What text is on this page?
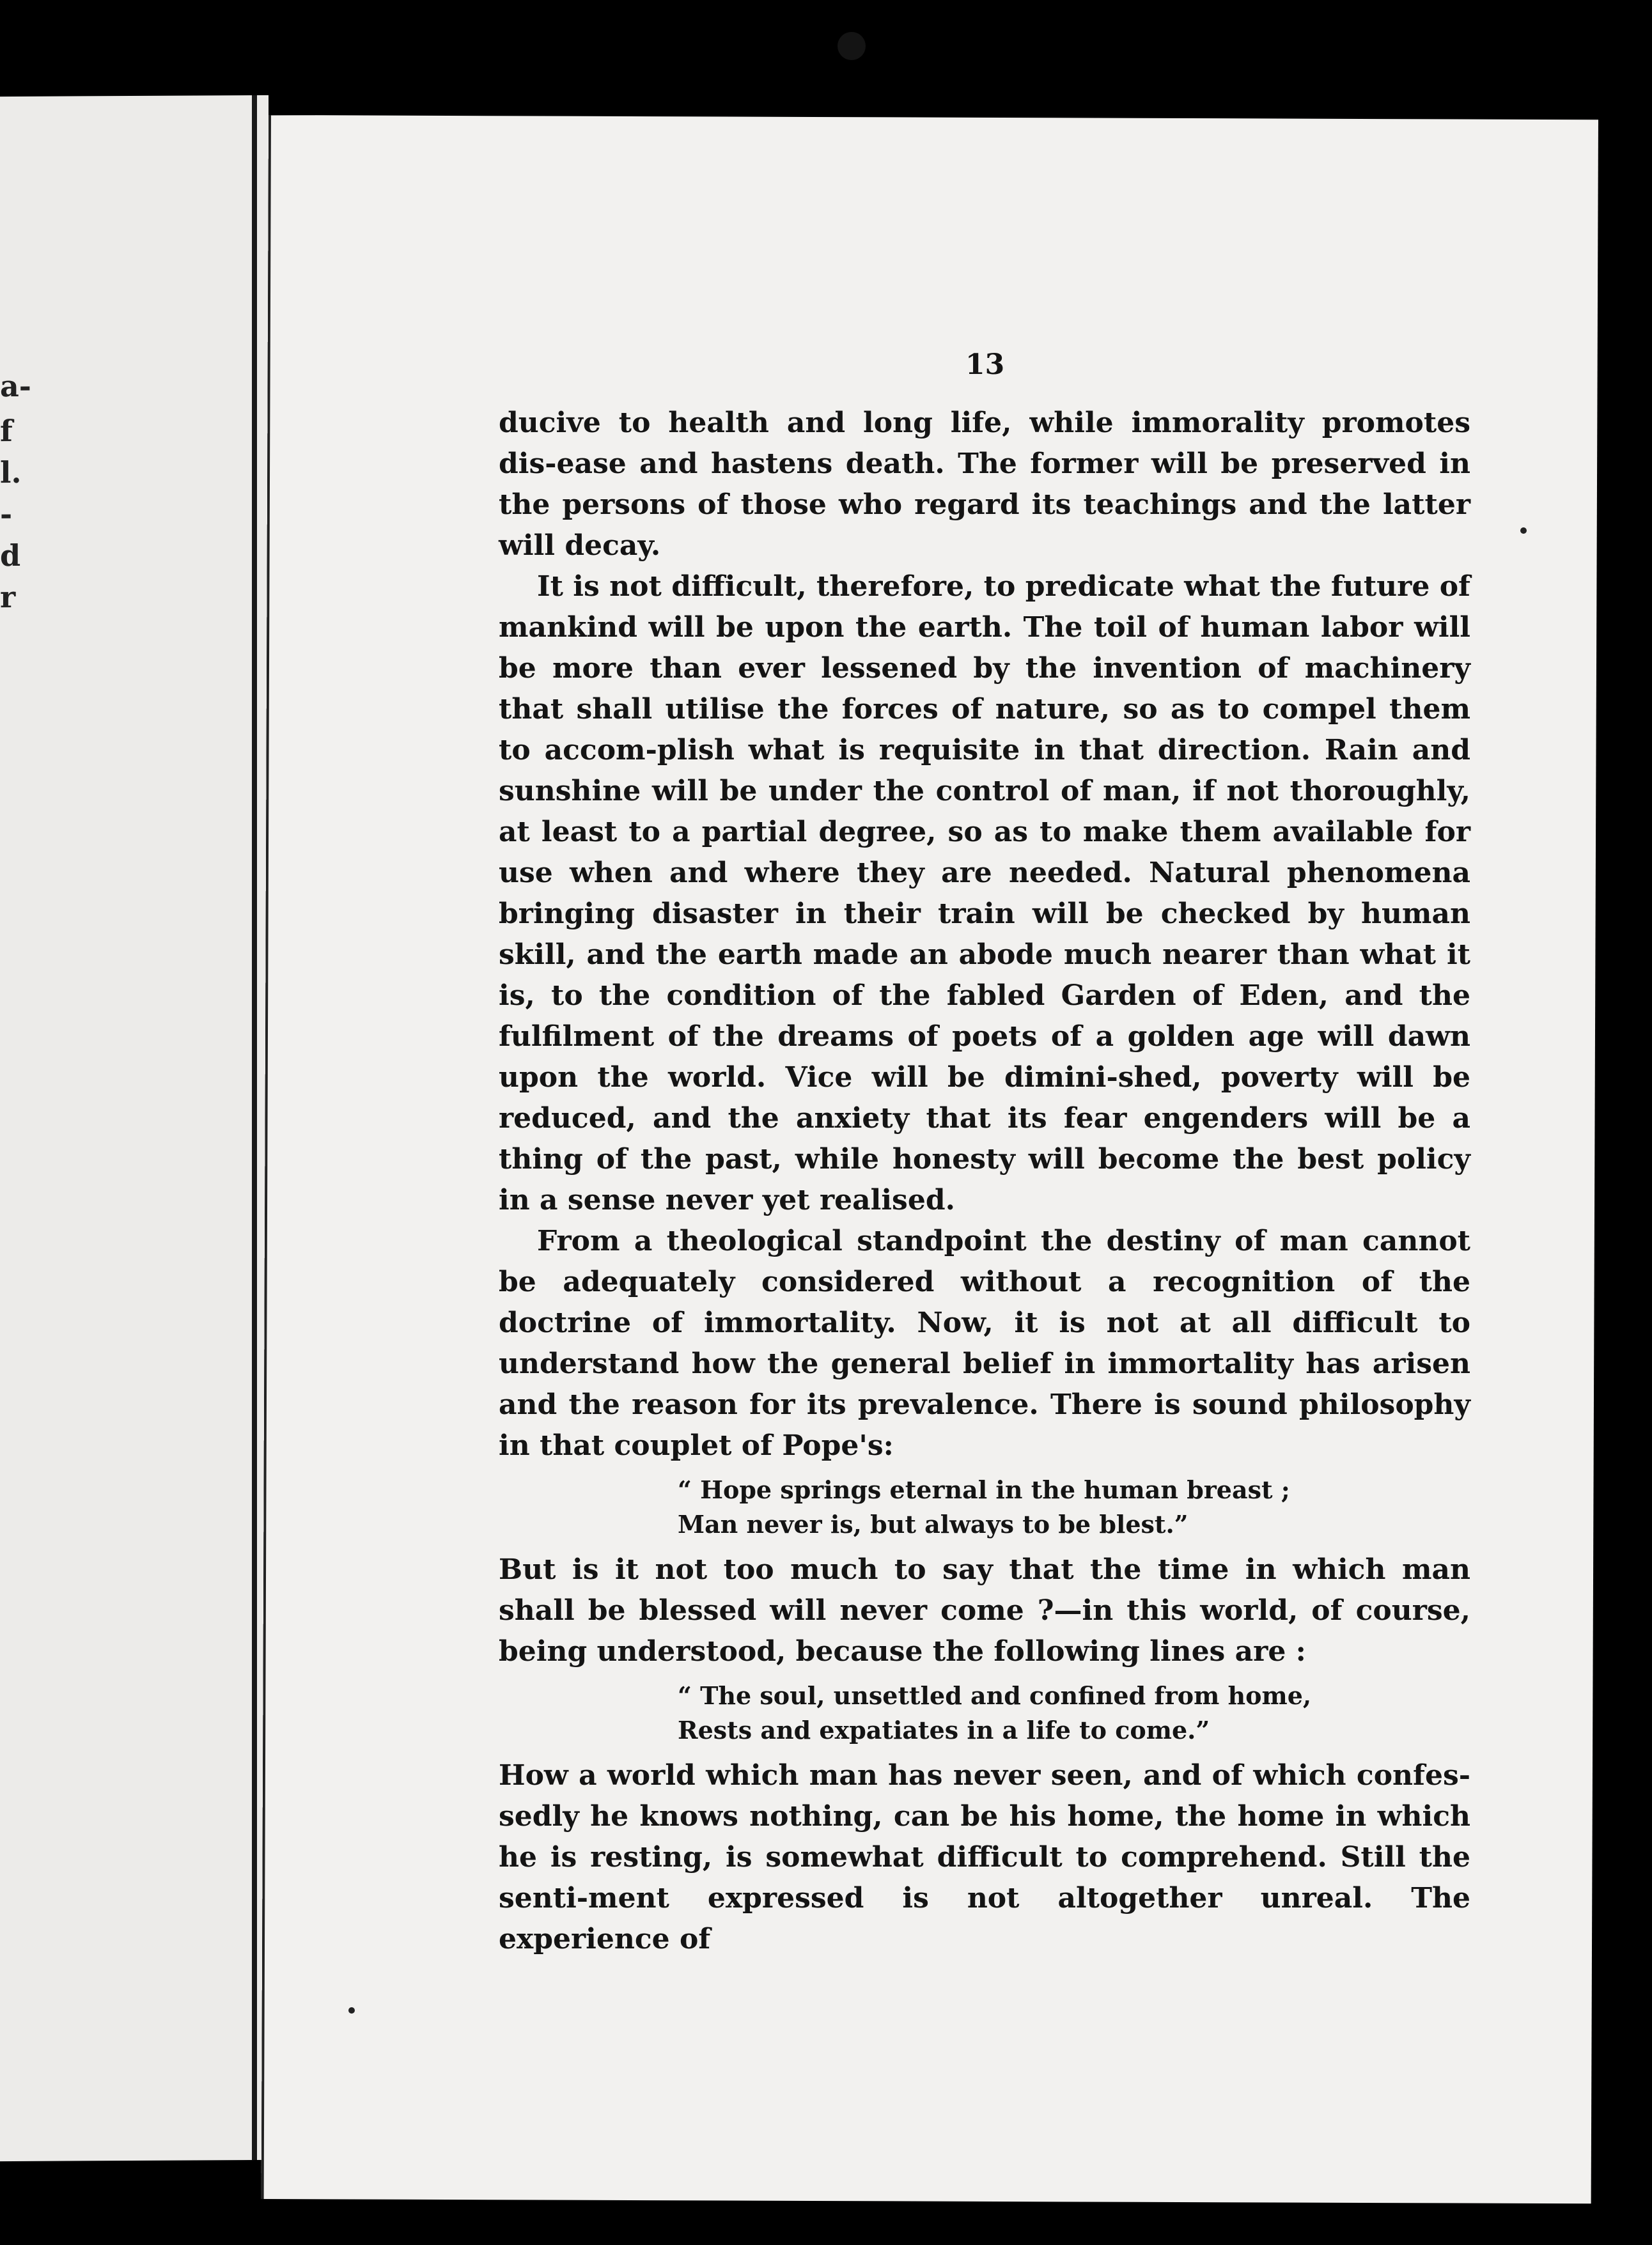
a-
f
l.
-
d
r
13

ducive to health and long life, while immorality promotes dis-ease and hastens death. The former will be preserved in the persons of those who regard its teachings and the latter will decay.

It is not difficult, therefore, to predicate what the future of mankind will be upon the earth. The toil of human labor will be more than ever lessened by the invention of machinery that shall utilise the forces of nature, so as to compel them to accom-plish what is requisite in that direction. Rain and sunshine will be under the control of man, if not thoroughly, at least to a partial degree, so as to make them available for use when and where they are needed. Natural phenomena bringing disaster in their train will be checked by human skill, and the earth made an abode much nearer than what it is, to the condition of the fabled Garden of Eden, and the fulfilment of the dreams of poets of a golden age will dawn upon the world. Vice will be dimini-shed, poverty will be reduced, and the anxiety that its fear engenders will be a thing of the past, while honesty will become the best policy in a sense never yet realised.

From a theological standpoint the destiny of man cannot be adequately considered without a recognition of the doctrine of immortality. Now, it is not at all difficult to understand how the general belief in immortality has arisen and the reason for its prevalence. There is sound philosophy in that couplet of Pope's:

“ Hope springs eternal in the human breast ;
Man never is, but always to be blest.”

But is it not too much to say that the time in which man shall be blessed will never come ?—in this world, of course, being understood, because the following lines are :

“ The soul, unsettled and confined from home,
Rests and expatiates in a life to come.”

How a world which man has never seen, and of which confes-sedly he knows nothing, can be his home, the home in which he is resting, is somewhat difficult to comprehend. Still the senti-ment expressed is not altogether unreal. The experience of
